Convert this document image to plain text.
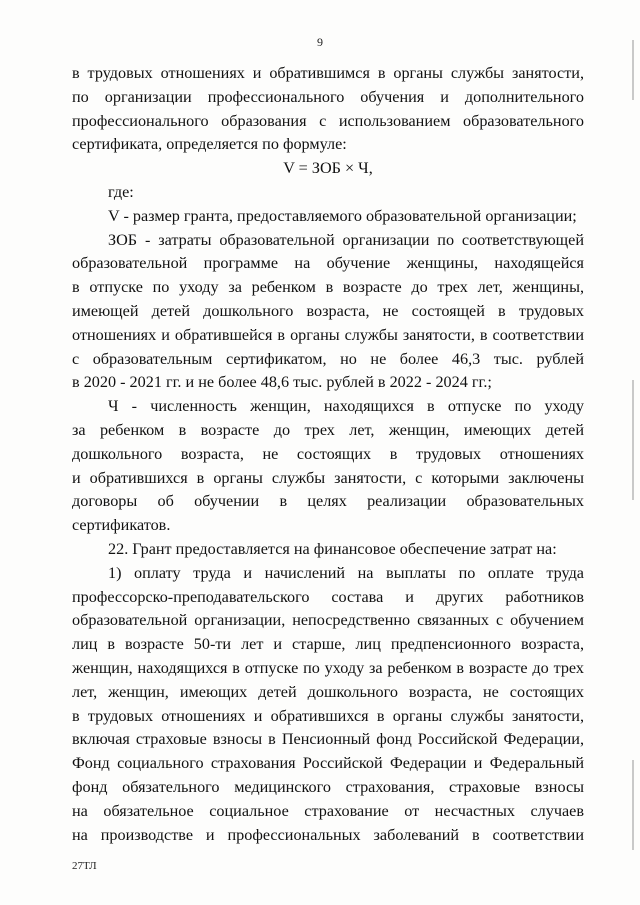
9
в трудовых отношениях и обратившимся в органы службы занятости,
по организации профессионального обучения и дополнительного
профессионального образования с использованием образовательного
сертификата, определяется по формуле:
V = ЗОБ × Ч,
где:
V - размер гранта, предоставляемого образовательной организации;
ЗОБ - затраты образовательной организации по соответствующей
образовательной программе на обучение женщины, находящейся
в отпуске по уходу за ребенком в возрасте до трех лет, женщины,
имеющей детей дошкольного возраста, не состоящей в трудовых
отношениях и обратившейся в органы службы занятости, в соответствии
с образовательным сертификатом, но не более 46,3 тыс. рублей
в 2020 - 2021 гг. и не более 48,6 тыс. рублей в 2022 - 2024 гг.;
Ч - численность женщин, находящихся в отпуске по уходу
за ребенком в возрасте до трех лет, женщин, имеющих детей
дошкольного возраста, не состоящих в трудовых отношениях
и обратившихся в органы службы занятости, с которыми заключены
договоры об обучении в целях реализации образовательных
сертификатов.
22. Грант предоставляется на финансовое обеспечение затрат на:
1) оплату труда и начислений на выплаты по оплате труда
профессорско-преподавательского состава и других работников
образовательной организации, непосредственно связанных с обучением
лиц в возрасте 50-ти лет и старше, лиц предпенсионного возраста,
женщин, находящихся в отпуске по уходу за ребенком в возрасте до трех
лет, женщин, имеющих детей дошкольного возраста, не состоящих
в трудовых отношениях и обратившихся в органы службы занятости,
включая страховые взносы в Пенсионный фонд Российской Федерации,
Фонд социального страхования Российской Федерации и Федеральный
фонд обязательного медицинского страхования, страховые взносы
на обязательное социальное страхование от несчастных случаев
на производстве и профессиональных заболеваний в соответствии
27ТЛ
